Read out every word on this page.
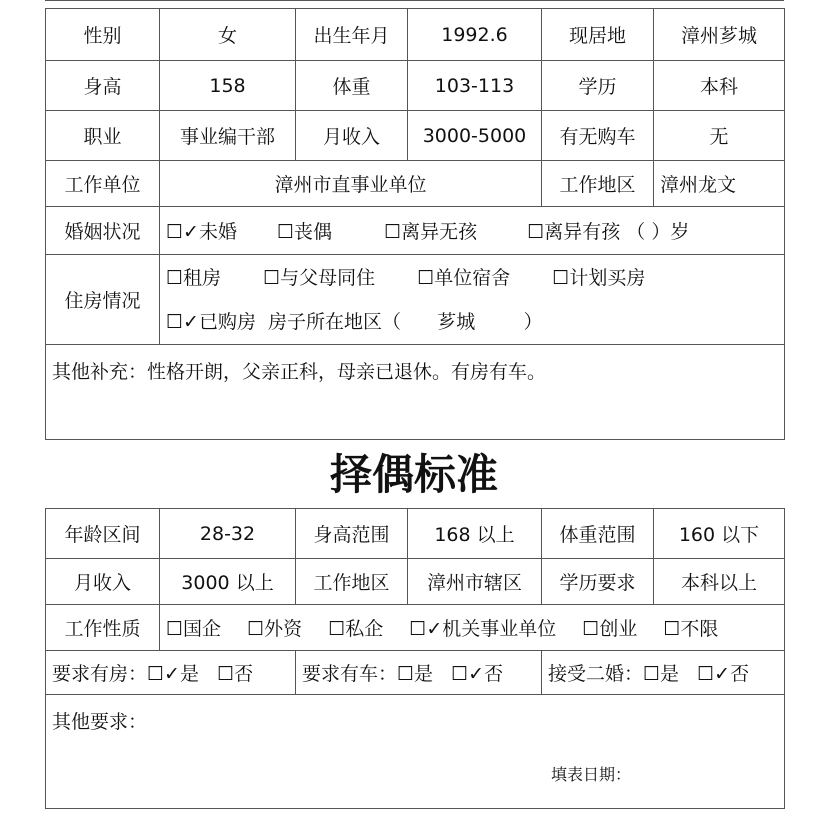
性别	女	出生年月	1992.6	现居地	漳州芗城
身高	158	体重	103-113	学历	本科
职业	事业编干部	月收入	3000-5000	有无购车	无
工作单位	漳州市直事业单位			工作地区	漳州龙文
婚姻状况	☐✓未婚 ☐丧偶 ☐离异无孩 ☐离异有孩 （ ）岁				
住房情况	☐租房 ☐与父母同住 ☐单位宿舍 ☐计划买房
☐✓已购房  房子所在地区（      芗城        ）				

其他补充：性格开朗，父亲正科，母亲已退休。有房有车。					
择偶标准
年龄区间	28-32	身高范围	168 以上	体重范围	160 以下
月收入	3000 以上	工作地区	漳州市辖区	学历要求	本科以上
工作性质	☐国企 ☐外资 ☐私企 ☐✓机关事业单位 ☐创业 ☐不限				
要求有房：☐✓是   ☐否		要求有车：☐是   ☐✓否		接受二婚：☐是   ☐✓否	
其他要求：					
填表日期：
